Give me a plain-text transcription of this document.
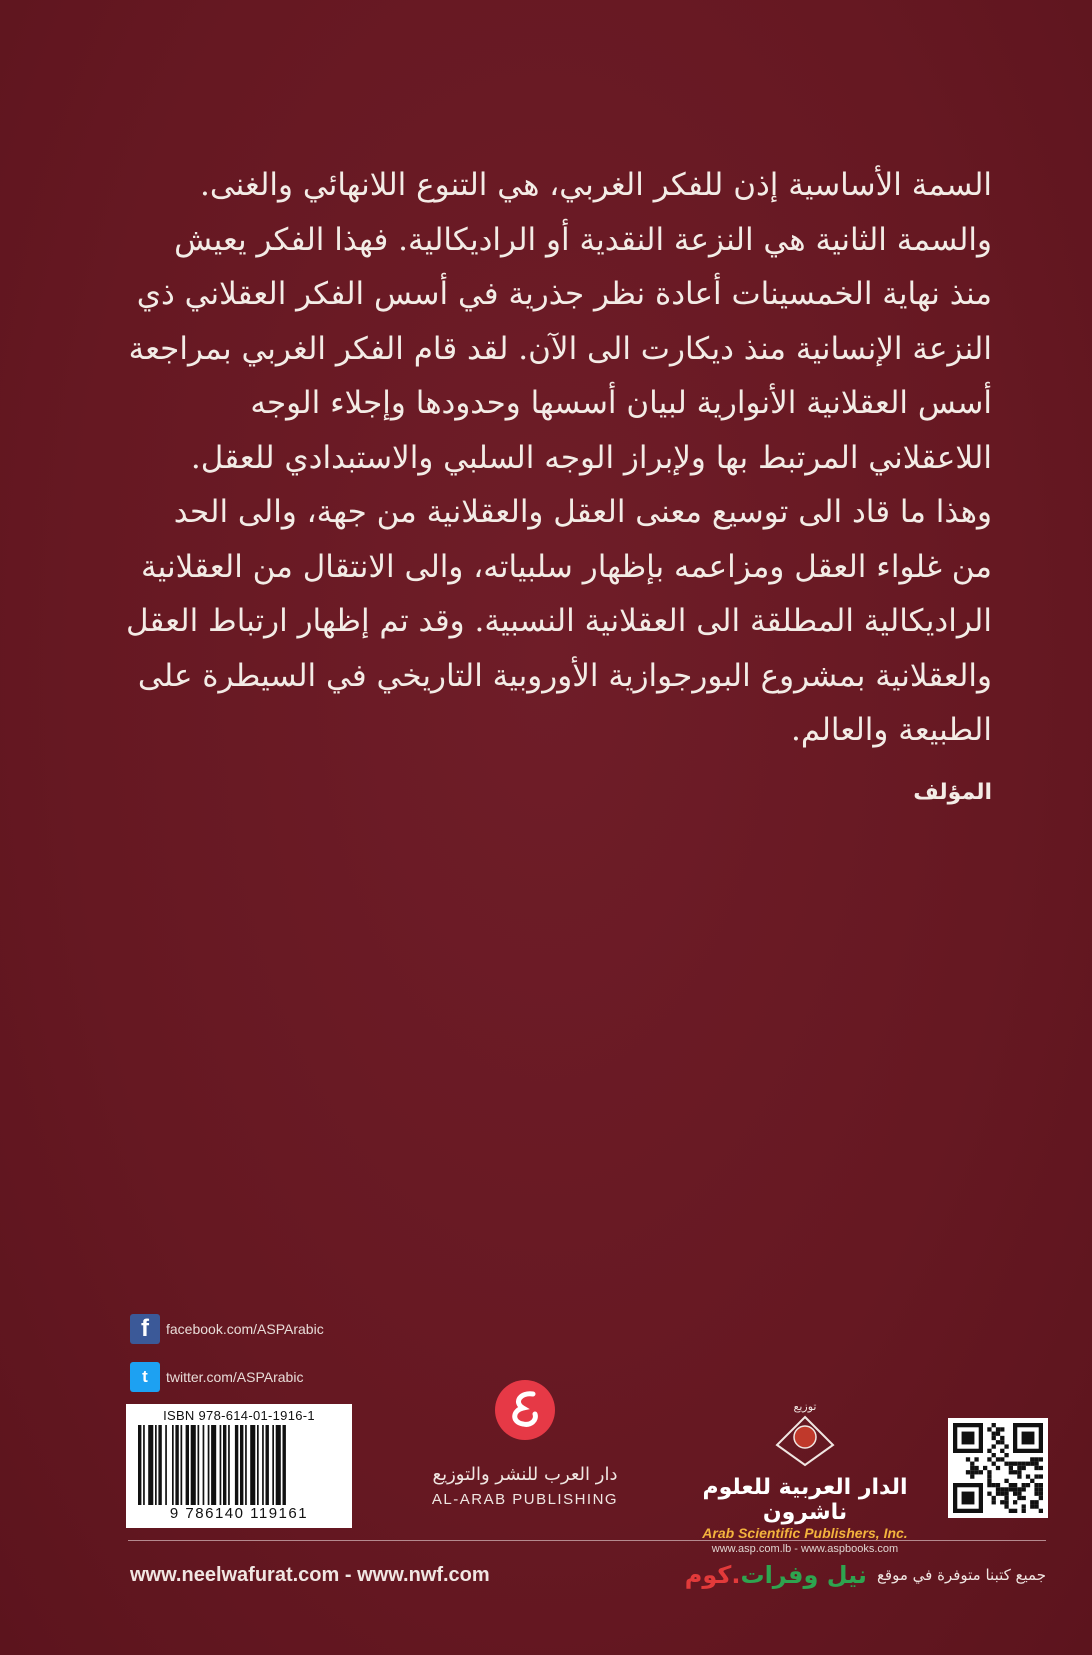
السمة الأساسية إذن للفكر الغربي، هي التنوع اللانهائي والغنى.

والسمة الثانية هي النزعة النقدية أو الراديكالية. فهذا الفكر يعيش

منذ نهاية الخمسينات أعادة نظر جذرية في أسس الفكر العقلاني ذي

النزعة الإنسانية منذ ديكارت الى الآن. لقد قام الفكر الغربي بمراجعة

أسس العقلانية الأنوارية لبيان أسسها وحدودها وإجلاء الوجه

اللاعقلاني المرتبط بها ولإبراز الوجه السلبي والاستبدادي للعقل.

وهذا ما قاد الى توسيع معنى العقل والعقلانية من جهة، والى الحد

من غلواء العقل ومزاعمه بإظهار سلبياته، والى الانتقال من العقلانية

الراديكالية المطلقة الى العقلانية النسبية. وقد تم إظهار ارتباط العقل

والعقلانية بمشروع البورجوازية الأوروبية التاريخي في السيطرة على

الطبيعة والعالم.

المؤلف
f	facebook.com/ASPArabic
t	twitter.com/ASPArabic
ISBN 978-614-01-1916-1
9 786140 119161
دار العرب للنشر والتوزيع
AL-ARAB PUBLISHING
توزيع
الدار العربية للعلوم ناشرون
Arab Scientific Publishers, Inc.
www.asp.com.lb - www.aspbooks.com
www.neelwafurat.com - www.nwf.com	جميع كتبنا متوفرة في موقع
نيل وفرات.كوم
